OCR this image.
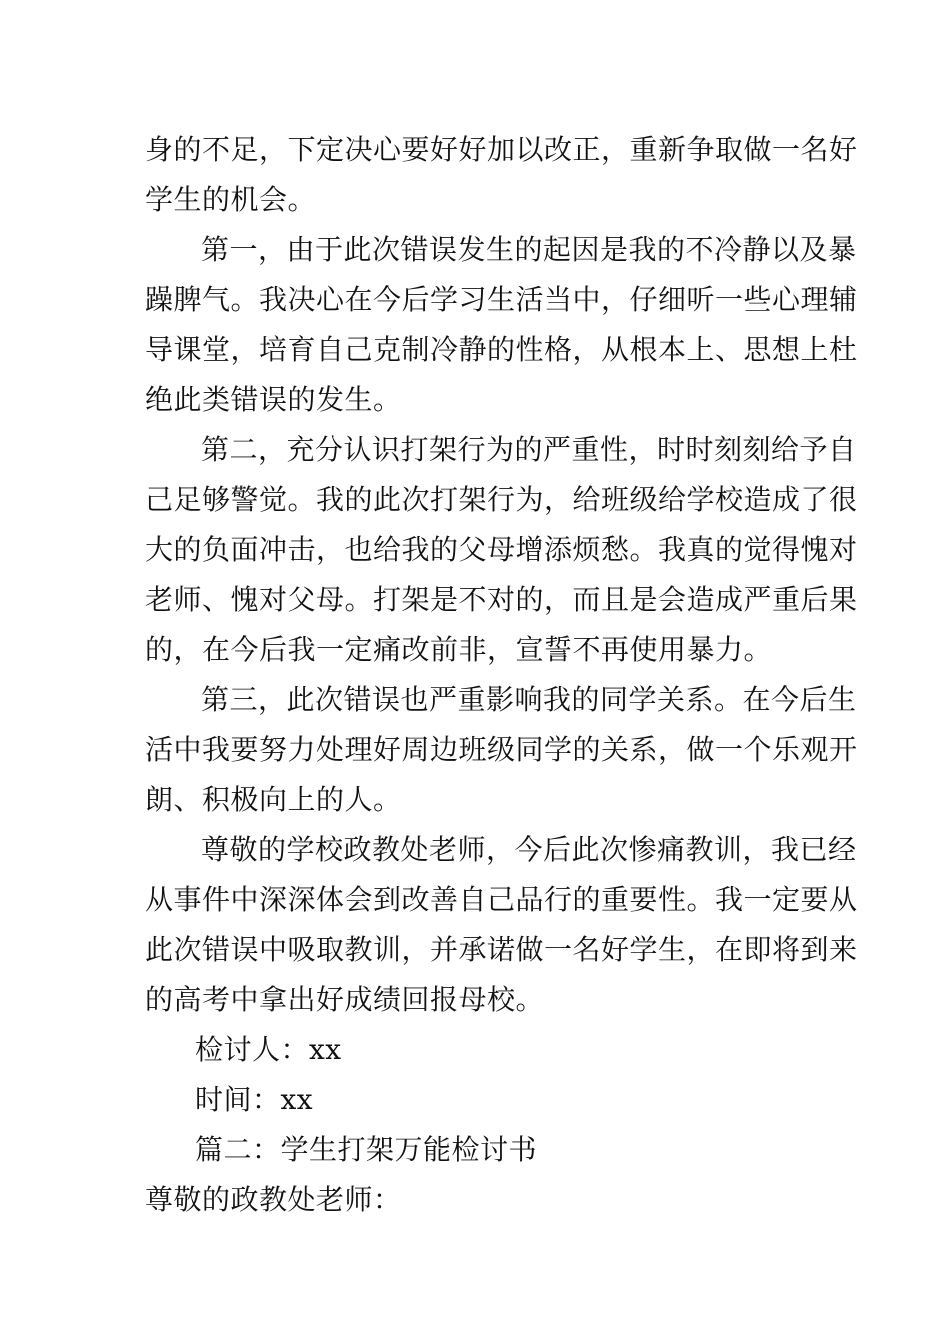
身的不足，下定决心要好好加以改正，重新争取做一名好
学生的机会。
第一，由于此次错误发生的起因是我的不冷静以及暴
躁脾气。我决心在今后学习生活当中，仔细听一些心理辅
导课堂，培育自己克制冷静的性格，从根本上、思想上杜
绝此类错误的发生。
第二，充分认识打架行为的严重性，时时刻刻给予自
己足够警觉。我的此次打架行为，给班级给学校造成了很
大的负面冲击，也给我的父母增添烦愁。我真的觉得愧对
老师、愧对父母。打架是不对的，而且是会造成严重后果
的，在今后我一定痛改前非，宣誓不再使用暴力。
第三，此次错误也严重影响我的同学关系。在今后生
活中我要努力处理好周边班级同学的关系，做一个乐观开
朗、积极向上的人。
尊敬的学校政教处老师，今后此次惨痛教训，我已经
从事件中深深体会到改善自己品行的重要性。我一定要从
此次错误中吸取教训，并承诺做一名好学生，在即将到来
的高考中拿出好成绩回报母校。
检讨人：xx
时间：xx
篇二：学生打架万能检讨书
尊敬的政教处老师：
